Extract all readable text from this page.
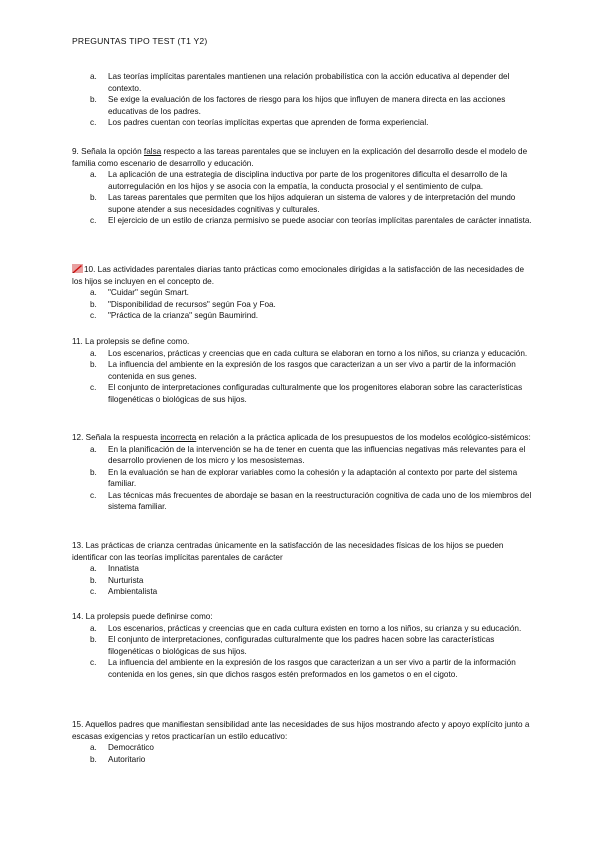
PREGUNTAS TIPO TEST (T1 Y2)
a. Las teorías implícitas parentales mantienen una relación probabilística con la acción educativa al depender del contexto.
b. Se exige la evaluación de los factores de riesgo para los hijos que influyen de manera directa en las acciones educativas de los padres.
c. Los padres cuentan con teorías implícitas expertas que aprenden de forma experiencial.

9. Señala la opción falsa respecto a las tareas parentales que se incluyen en la explicación del desarrollo desde el modelo de familia como escenario de desarrollo y educación.

a. La aplicación de una estrategia de disciplina inductiva por parte de los progenitores dificulta el desarrollo de la autorregulación en los hijos y se asocia con la empatía, la conducta prosocial y el sentimiento de culpa.
b. Las tareas parentales que permiten que los hijos adquieran un sistema de valores y de interpretación del mundo supone atender a sus necesidades cognitivas y culturales.
c. El ejercicio de un estilo de crianza permisivo se puede asociar con teorías implícitas parentales de carácter innatista.

10. Las actividades parentales diarias tanto prácticas como emocionales dirigidas a la satisfacción de las necesidades de los hijos se incluyen en el concepto de.

a. "Cuidar" según Smart.
b. "Disponibilidad de recursos" según Foa y Foa.
c. "Práctica de la crianza" según Baumirind.

11. La prolepsis se define como.

a. Los escenarios, prácticas y creencias que en cada cultura se elaboran en torno a los niños, su crianza y educación.
b. La influencia del ambiente en la expresión de los rasgos que caracterizan a un ser vivo a partir de la información contenida en sus genes.
c. El conjunto de interpretaciones configuradas culturalmente que los progenitores elaboran sobre las características filogenéticas o biológicas de sus hijos.

12. Señala la respuesta incorrecta en relación a la práctica aplicada de los presupuestos de los modelos ecológico-sistémicos:

a. En la planificación de la intervención se ha de tener en cuenta que las influencias negativas más relevantes para el desarrollo provienen de los micro y los mesosistemas.
b. En la evaluación se han de explorar variables como la cohesión y la adaptación al contexto por parte del sistema familiar.
c. Las técnicas más frecuentes de abordaje se basan en la reestructuración cognitiva de cada uno de los miembros del sistema familiar.

13. Las prácticas de crianza centradas únicamente en la satisfacción de las necesidades físicas de los hijos se pueden identificar con las teorías implícitas parentales de carácter

a. Innatista
b. Nurturista
c. Ambientalista

14. La prolepsis puede definirse como:

a. Los escenarios, prácticas y creencias que en cada cultura existen en torno a los niños, su crianza y su educación.
b. El conjunto de interpretaciones, configuradas culturalmente que los padres hacen sobre las características filogenéticas o biológicas de sus hijos.
c. La influencia del ambiente en la expresión de los rasgos que caracterizan a un ser vivo a partir de la información contenida en los genes, sin que dichos rasgos estén preformados en los gametos o en el cigoto.

15. Aquellos padres que manifiestan sensibilidad ante las necesidades de sus hijos mostrando afecto y apoyo explícito junto a escasas exigencias y retos practicarían un estilo educativo:

a. Democrático
b. Autoritario
